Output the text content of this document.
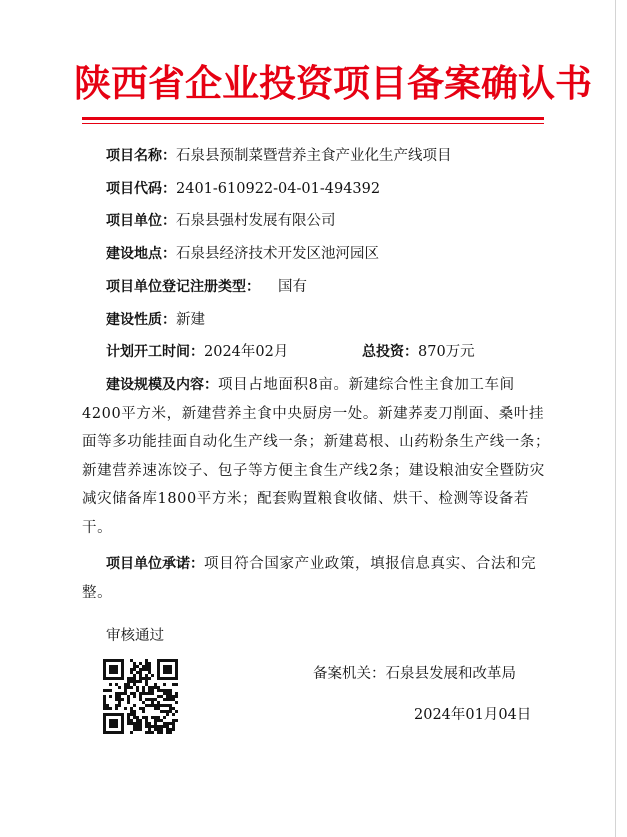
陕西省企业投资项目备案确认书
项目名称：石泉县预制菜暨营养主食产业化生产线项目
项目代码：2401-610922-04-01-494392
项目单位：石泉县强村发展有限公司
建设地点：石泉县经济技术开发区池河园区
项目单位登记注册类型： 国有
建设性质：新建
计划开工时间：2024年02月	总投资：870万元
建设规模及内容：项目占地面积8亩。新建综合性主食加工车间4200平方米，新建营养主食中央厨房一处。新建荞麦刀削面、桑叶挂面等多功能挂面自动化生产线一条；新建葛根、山药粉条生产线一条；新建营养速冻饺子、包子等方便主食生产线2条；建设粮油安全暨防灾减灾储备库1800平方米；配套购置粮食收储、烘干、检测等设备若干。
项目单位承诺：项目符合国家产业政策，填报信息真实、合法和完整。
审核通过
备案机关：石泉县发展和改革局
2024年01月04日
